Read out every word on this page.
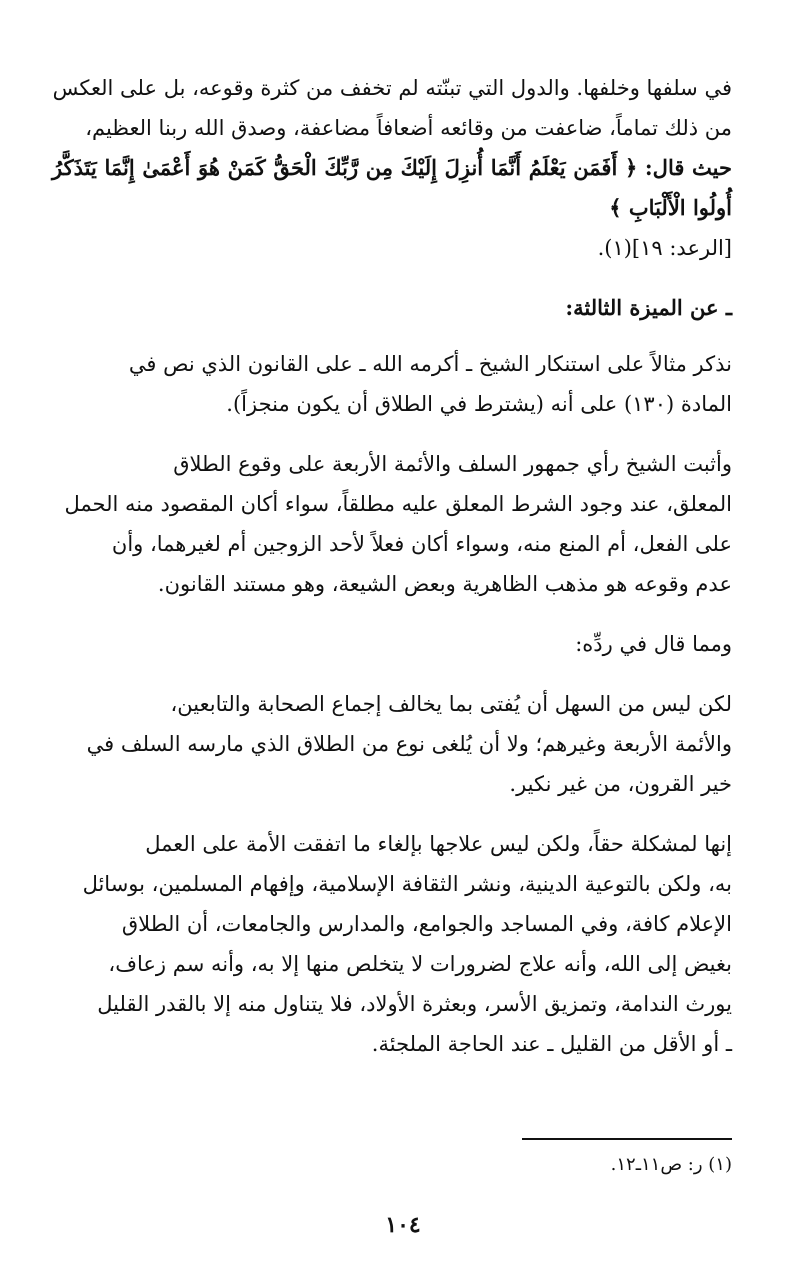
في سلفها وخلفها. والدول التي تبنّته لم تخفف من كثرة وقوعه، بل على العكس
من ذلك تماماً، ضاعفت من وقائعه أضعافاً مضاعفة، وصدق الله ربنا العظيم،
حيث قال: ﴿ أَفَمَن يَعْلَمُ أَنَّمَا أُنزِلَ إِلَيْكَ مِن رَّبِّكَ الْحَقُّ كَمَنْ هُوَ أَعْمَىٰ إِنَّمَا يَتَذَكَّرُ أُولُوا الْأَلْبَابِ ﴾
[الرعد: ١٩](١).

ـ عن الميزة الثالثة:

نذكر مثالاً على استنكار الشيخ ـ أكرمه الله ـ على القانون الذي نص في
المادة (١٣٠) على أنه (يشترط في الطلاق أن يكون منجزاً).

وأثبت الشيخ رأي جمهور السلف والأئمة الأربعة على وقوع الطلاق
المعلق، عند وجود الشرط المعلق عليه مطلقاً، سواء أكان المقصود منه الحمل
على الفعل، أم المنع منه، وسواء أكان فعلاً لأحد الزوجين أم لغيرهما، وأن
عدم وقوعه هو مذهب الظاهرية وبعض الشيعة، وهو مستند القانون.

ومما قال في ردِّه:

لكن ليس من السهل أن يُفتى بما يخالف إجماع الصحابة والتابعين،
والأئمة الأربعة وغيرهم؛ ولا أن يُلغى نوع من الطلاق الذي مارسه السلف في
خير القرون، من غير نكير.

إنها لمشكلة حقاً، ولكن ليس علاجها بإلغاء ما اتفقت الأمة على العمل
به، ولكن بالتوعية الدينية، ونشر الثقافة الإسلامية، وإفهام المسلمين، بوسائل
الإعلام كافة، وفي المساجد والجوامع، والمدارس والجامعات، أن الطلاق
بغيض إلى الله، وأنه علاج لضرورات لا يتخلص منها إلا به، وأنه سم زعاف،
يورث الندامة، وتمزيق الأسر، وبعثرة الأولاد، فلا يتناول منه إلا بالقدر القليل
ـ أو الأقل من القليل ـ عند الحاجة الملجئة.

(١) ر: ص١١ـ١٢.
١٠٤
